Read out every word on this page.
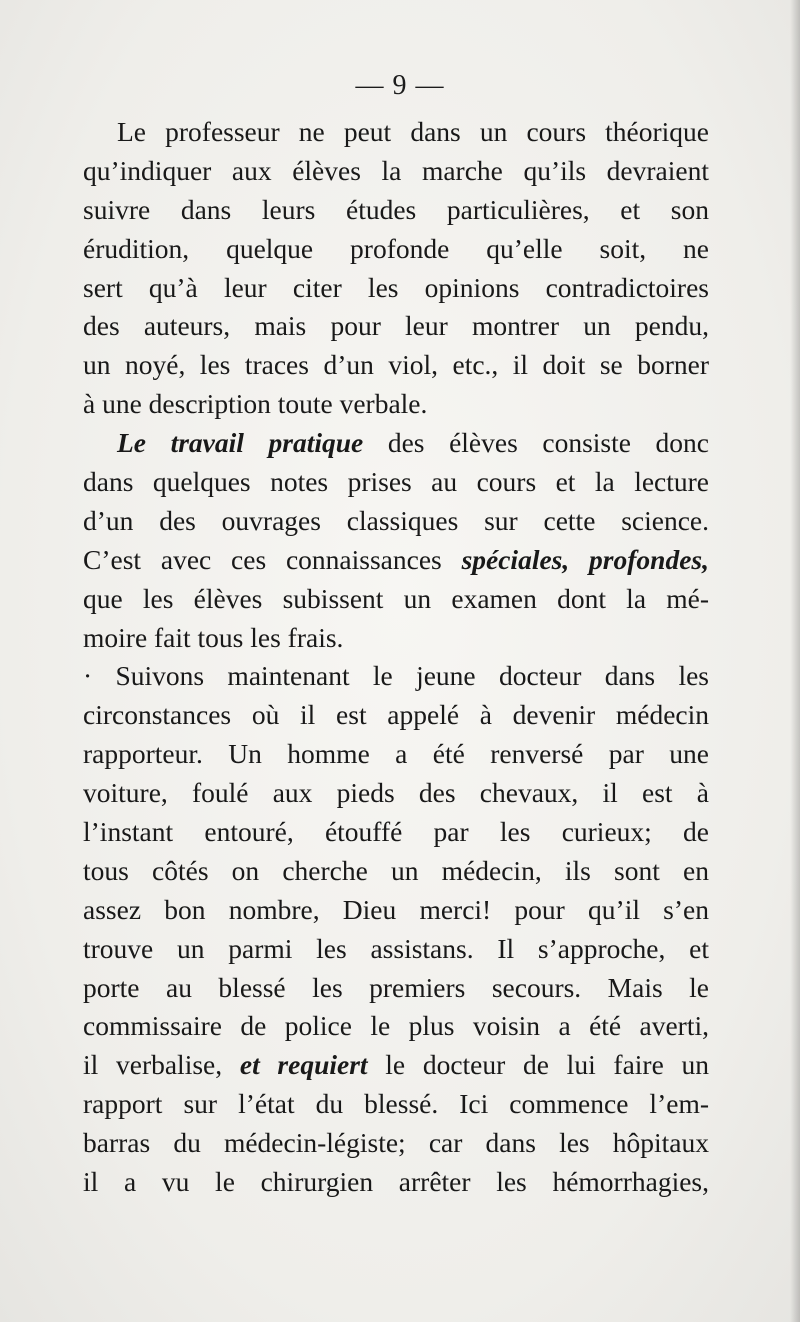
— 9 —
Le professeur ne peut dans un cours théorique
qu’indiquer aux élèves la marche qu’ils devraient
suivre dans leurs études particulières, et son
érudition, quelque profonde qu’elle soit, ne
sert qu’à leur citer les opinions contradictoires
des auteurs, mais pour leur montrer un pendu,
un noyé, les traces d’un viol, etc., il doit se borner
à une description toute verbale.
Le travail pratique des élèves consiste donc
dans quelques notes prises au cours et la lecture
d’un des ouvrages classiques sur cette science.
C’est avec ces connaissances spéciales, profondes,
que les élèves subissent un examen dont la mé-
moire fait tous les frais.
· Suivons maintenant le jeune docteur dans les
circonstances où il est appelé à devenir médecin
rapporteur. Un homme a été renversé par une
voiture, foulé aux pieds des chevaux, il est à
l’instant entouré, étouffé par les curieux; de
tous côtés on cherche un médecin, ils sont en
assez bon nombre, Dieu merci! pour qu’il s’en
trouve un parmi les assistans. Il s’approche, et
porte au blessé les premiers secours. Mais le
commissaire de police le plus voisin a été averti,
il verbalise, et requiert le docteur de lui faire un
rapport sur l’état du blessé. Ici commence l’em-
barras du médecin-légiste; car dans les hôpitaux
il a vu le chirurgien arrêter les hémorrhagies,
